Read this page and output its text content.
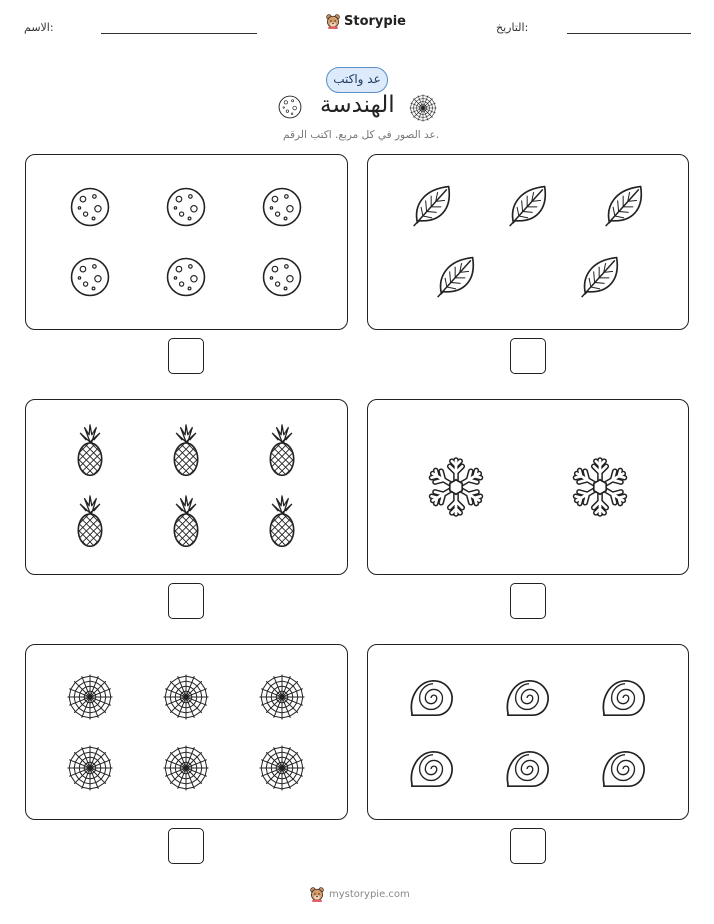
الاسم:	Storypie	التاريخ:
عد واكتب
الهندسة
عد الصور في كل مربع. اكتب الرقم.
mystorypie.com
